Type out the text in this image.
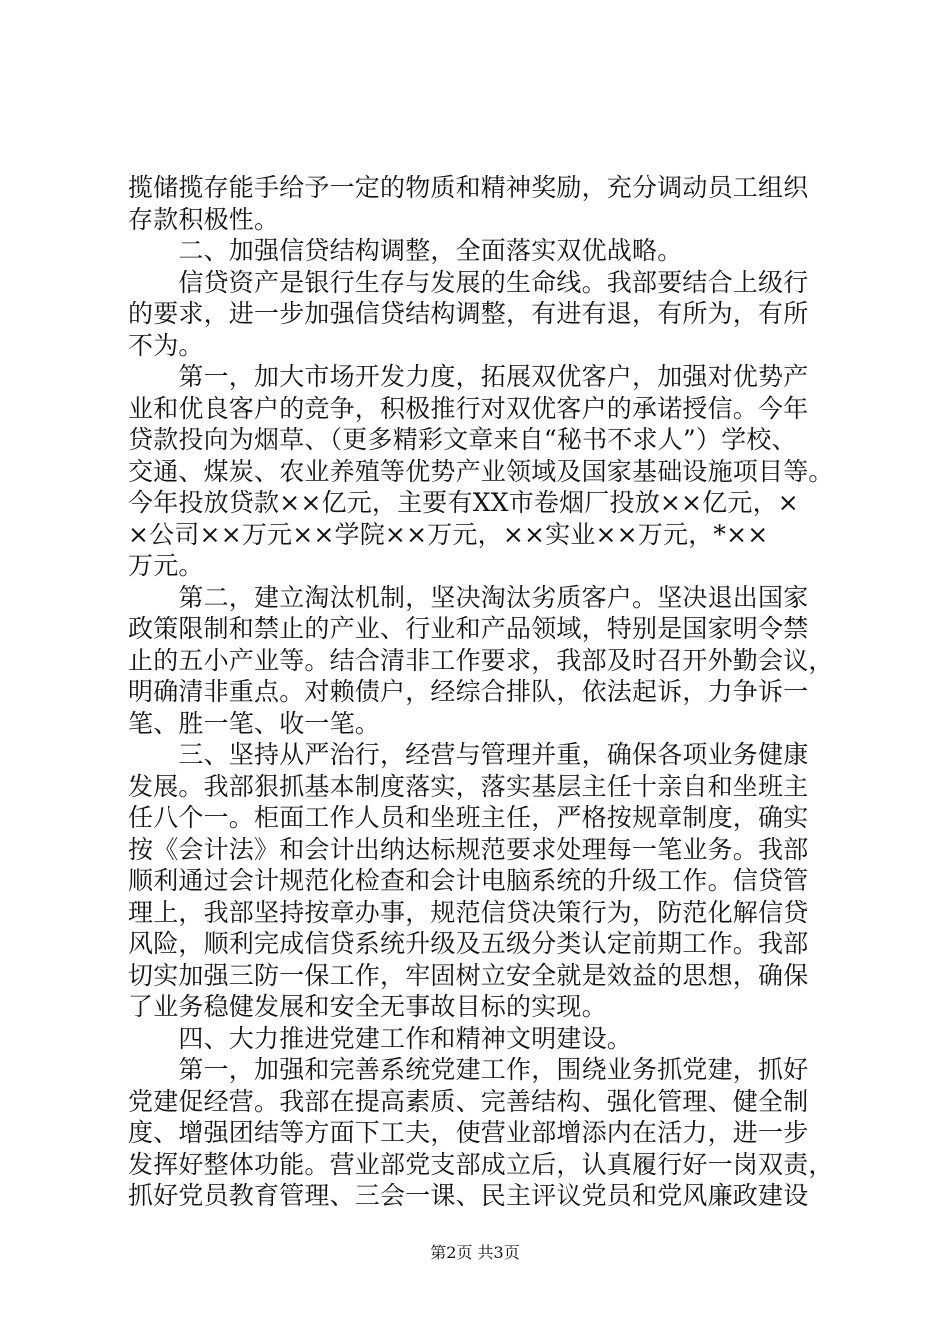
揽储揽存能手给予一定的物质和精神奖励，充分调动员工组织
存款积极性。
　　二、加强信贷结构调整，全面落实双优战略。
　　信贷资产是银行生存与发展的生命线。我部要结合上级行
的要求，进一步加强信贷结构调整，有进有退，有所为，有所
不为。
　　第一，加大市场开发力度，拓展双优客户，加强对优势产
业和优良客户的竞争，积极推行对双优客户的承诺授信。今年
贷款投向为烟草、（更多精彩文章来自“秘书不求人”）学校、
交通、煤炭、农业养殖等优势产业领域及国家基础设施项目等。
今年投放贷款××亿元，主要有XX市卷烟厂投放××亿元，×
×公司××万元××学院××万元，××实业××万元，*××
万元。
　　第二，建立淘汰机制，坚决淘汰劣质客户。坚决退出国家
政策限制和禁止的产业、行业和产品领域，特别是国家明令禁
止的五小产业等。结合清非工作要求，我部及时召开外勤会议，
明确清非重点。对赖债户，经综合排队，依法起诉，力争诉一
笔、胜一笔、收一笔。
　　三、坚持从严治行，经营与管理并重，确保各项业务健康
发展。我部狠抓基本制度落实，落实基层主任十亲自和坐班主
任八个一。柜面工作人员和坐班主任，严格按规章制度，确实
按《会计法》和会计出纳达标规范要求处理每一笔业务。我部
顺利通过会计规范化检查和会计电脑系统的升级工作。信贷管
理上，我部坚持按章办事，规范信贷决策行为，防范化解信贷
风险，顺利完成信贷系统升级及五级分类认定前期工作。我部
切实加强三防一保工作，牢固树立安全就是效益的思想，确保
了业务稳健发展和安全无事故目标的实现。
　　四、大力推进党建工作和精神文明建设。
　　第一，加强和完善系统党建工作，围绕业务抓党建，抓好
党建促经营。我部在提高素质、完善结构、强化管理、健全制
度、增强团结等方面下工夫，使营业部增添内在活力，进一步
发挥好整体功能。营业部党支部成立后，认真履行好一岗双责，
抓好党员教育管理、三会一课、民主评议党员和党风廉政建设
第2页 共3页
